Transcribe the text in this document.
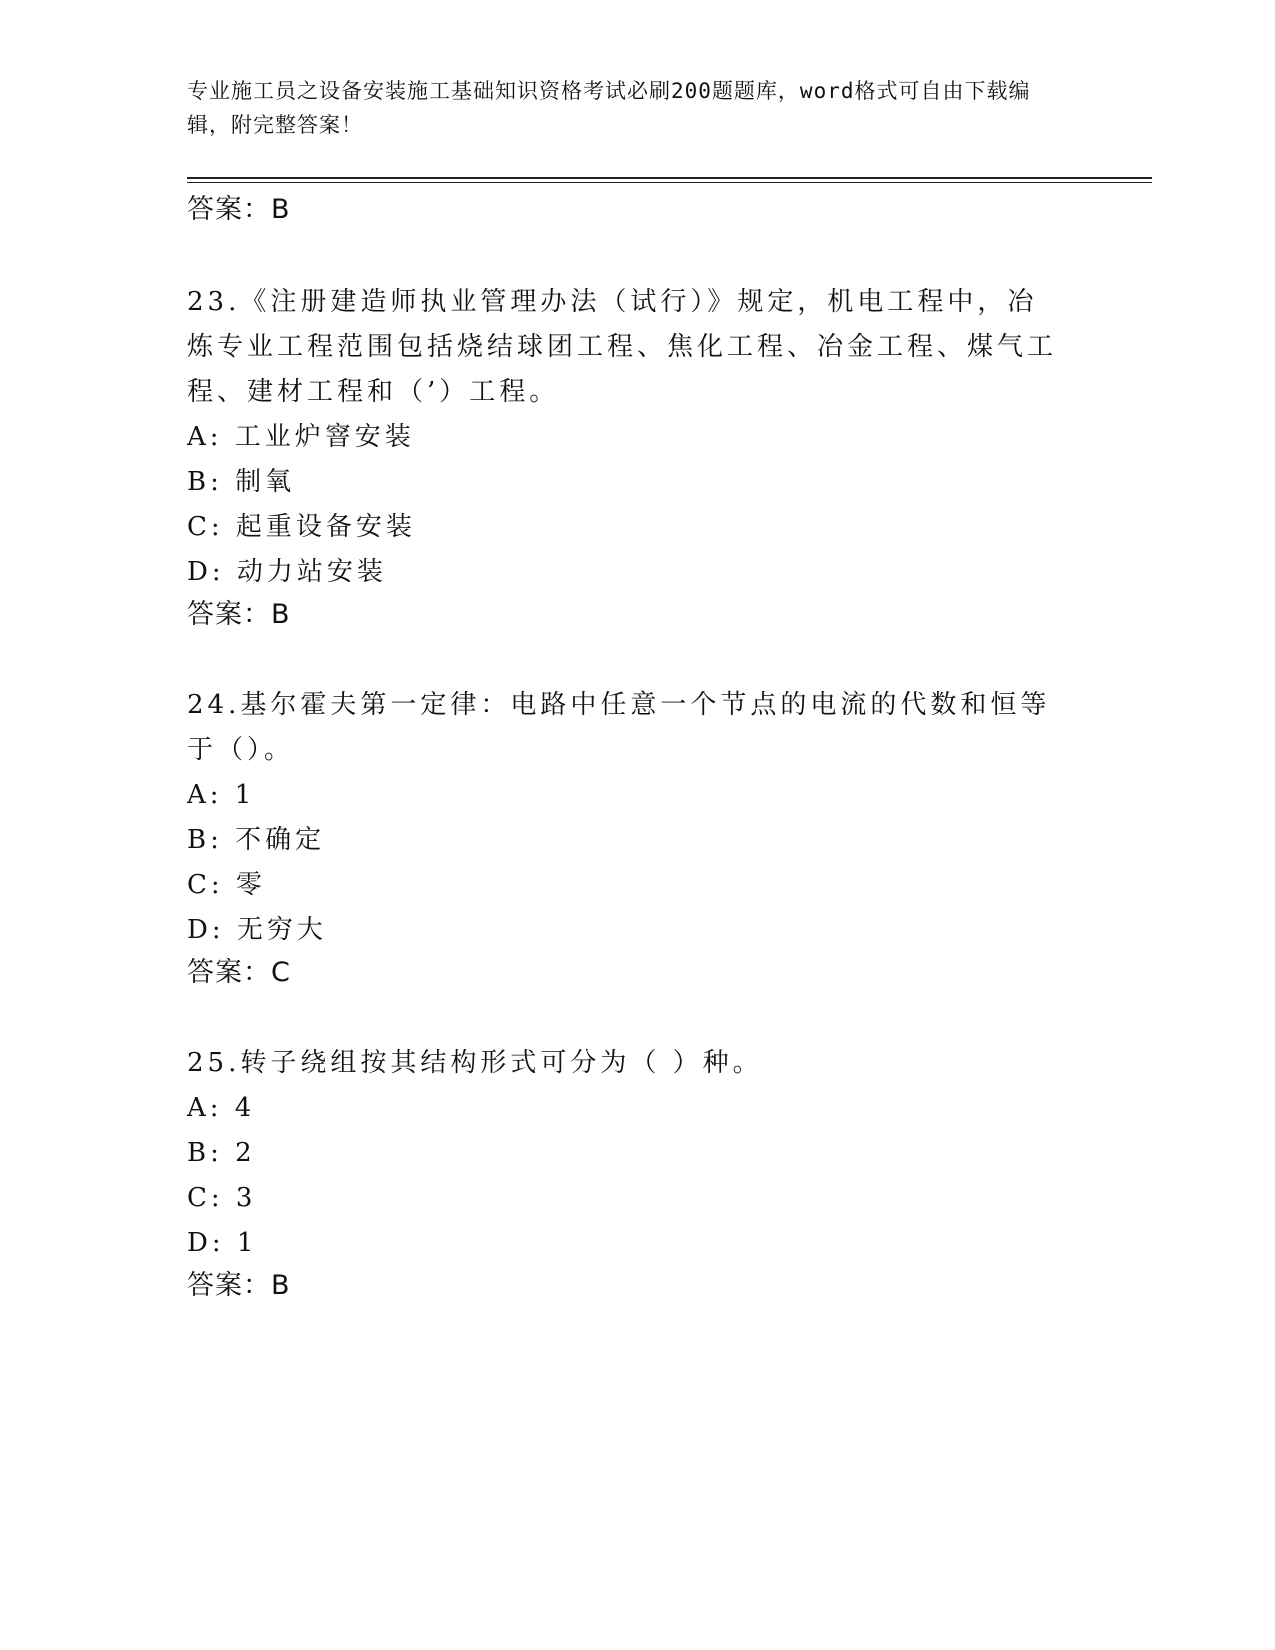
专业施工员之设备安装施工基础知识资格考试必刷200题题库，word格式可自由下载编辑，附完整答案！
答案：B
23.《注册建造师执业管理办法（试行）》规定，机电工程中，冶炼专业工程范围包括烧结球团工程、焦化工程、冶金工程、煤气工程、建材工程和（’）工程。
A: 工业炉窨安装
B: 制氧
C: 起重设备安装
D: 动力站安装
答案：B
24.基尔霍夫第一定律：电路中任意一个节点的电流的代数和恒等于（）。
A: 1
B: 不确定
C: 零
D: 无穷大
答案：C
25.转子绕组按其结构形式可分为（ ）种。
A: 4
B: 2
C: 3
D: 1
答案：B
